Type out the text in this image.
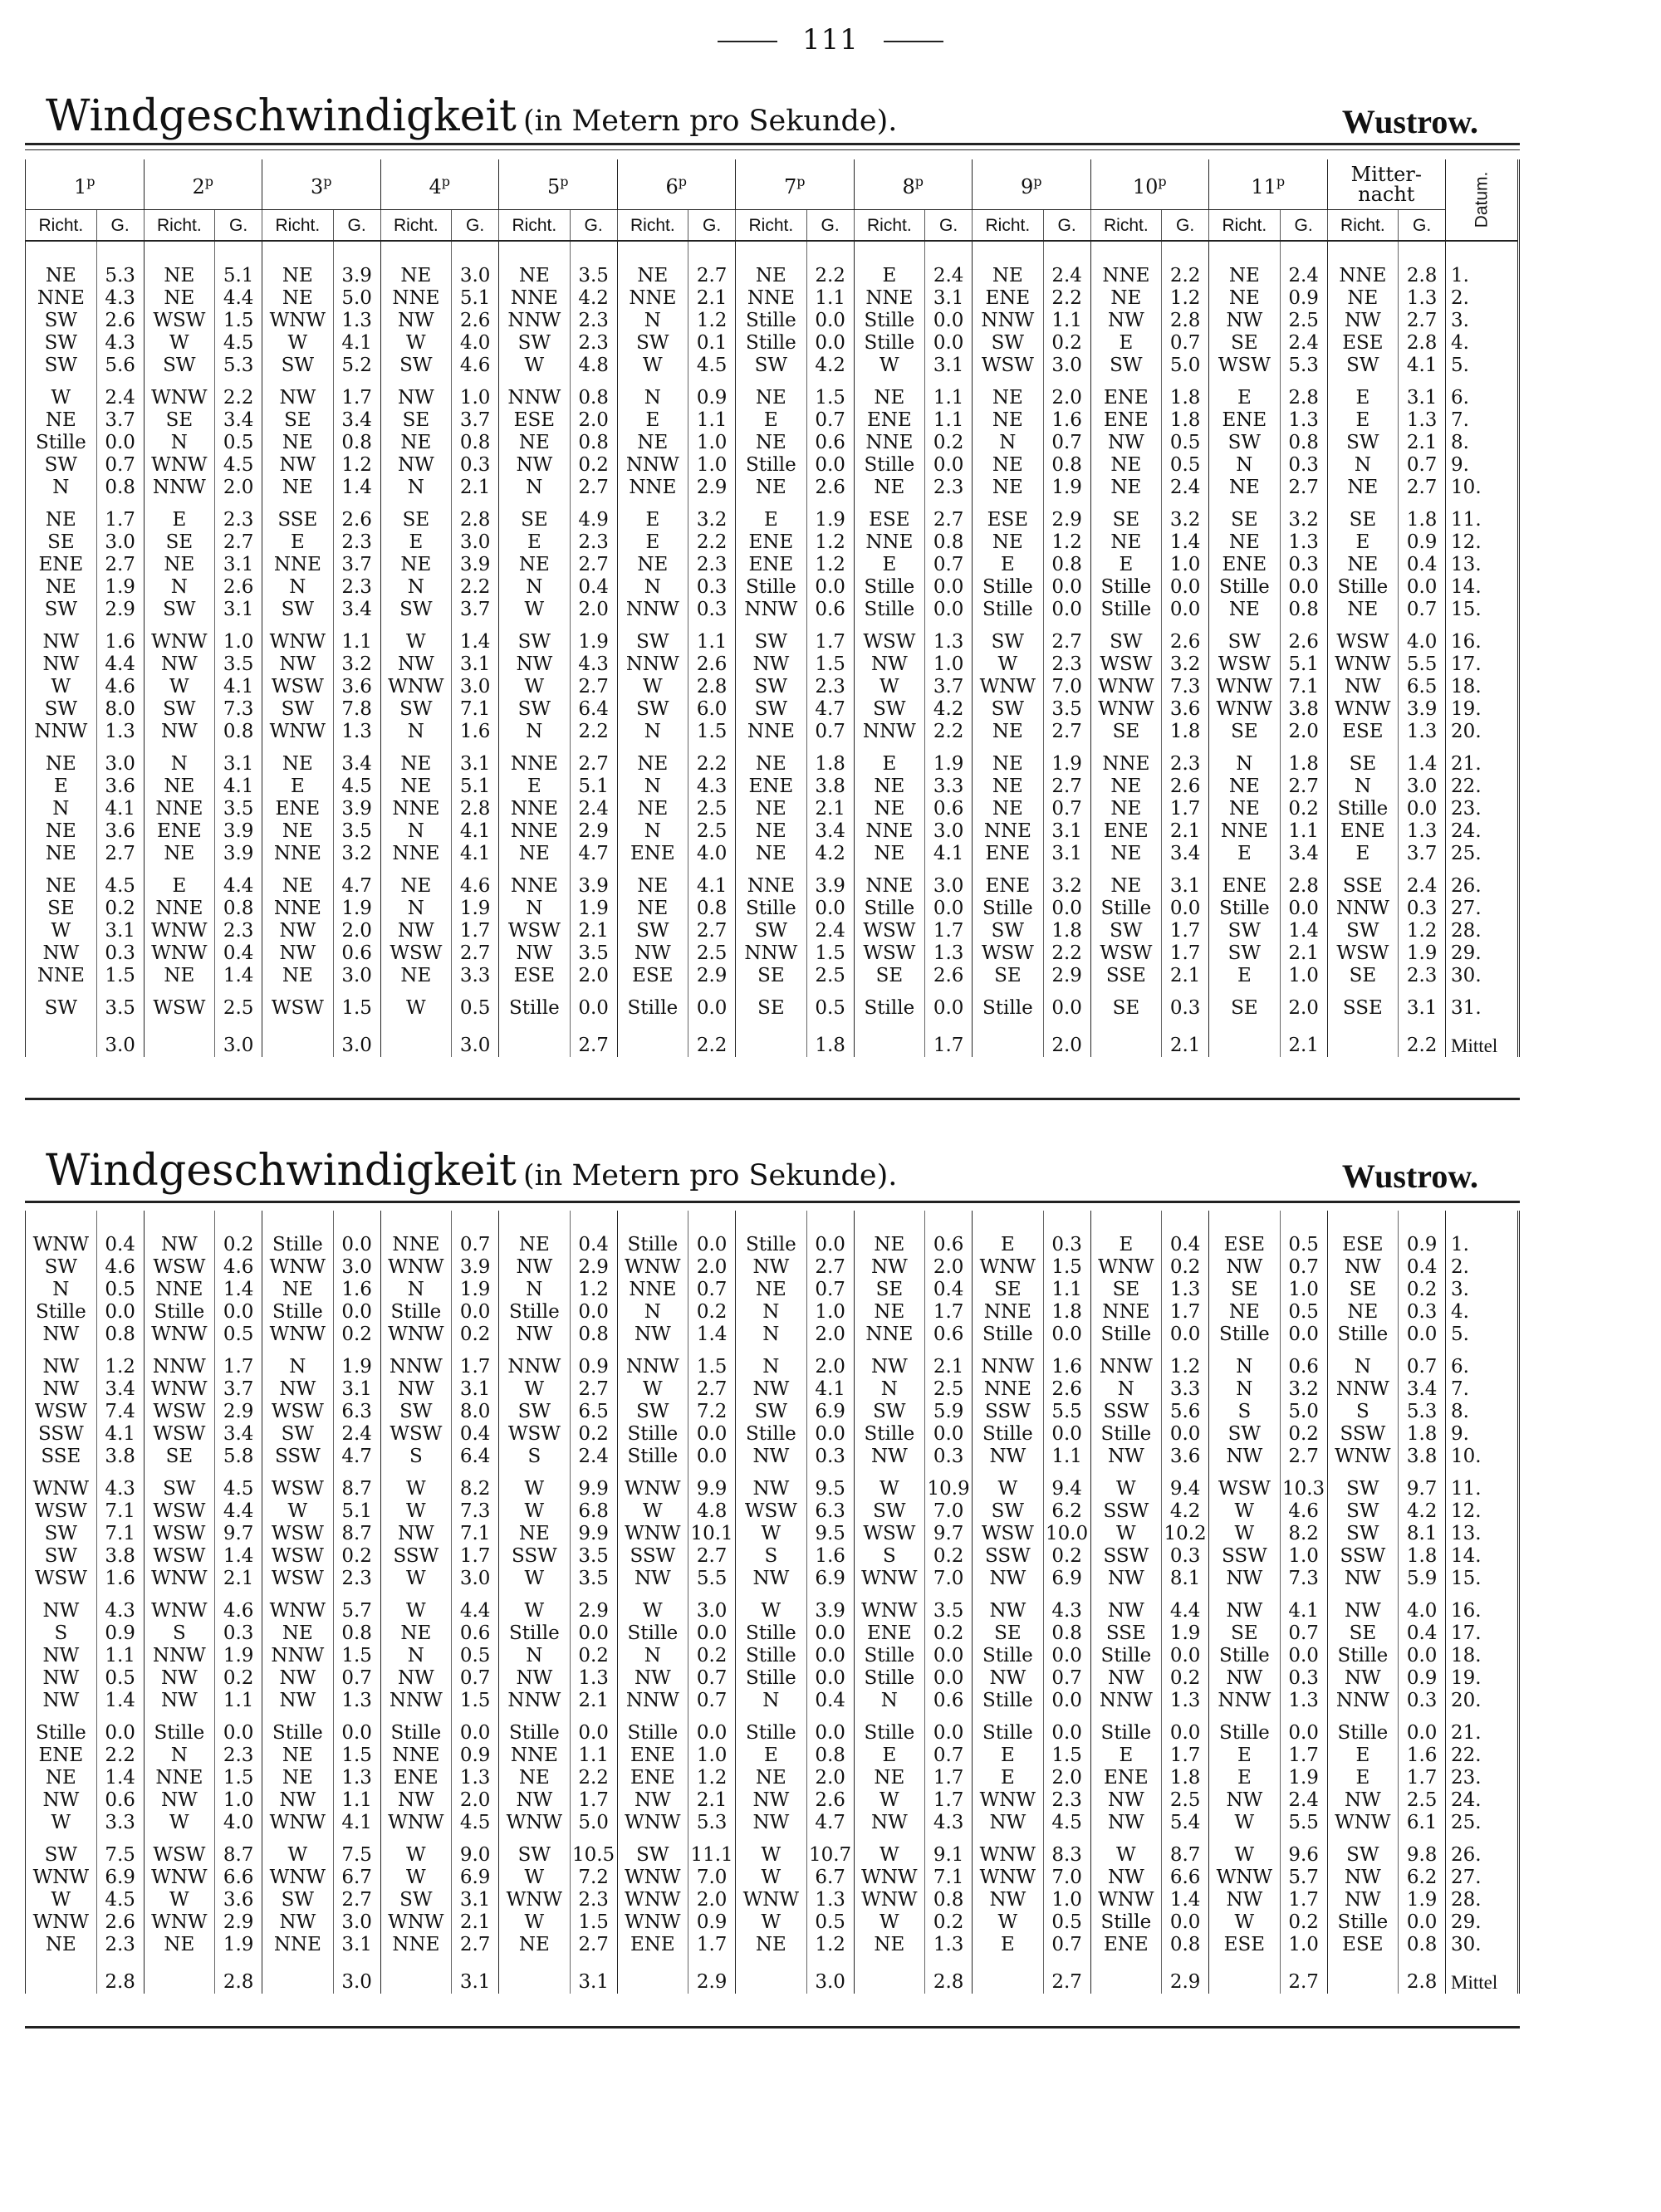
111
Windgeschwindigkeit (in Metern pro Sekunde).	Wustrow.
1$^p$		2$^p$		3$^p$		4$^p$		5$^p$		6$^p$		7$^p$		8$^p$		9$^p$		10$^p$		11$^p$		Mitter-nacht		Datum.
Richt.	G.	Richt.	G.	Richt.	G.	Richt.	G.	Richt.	G.	Richt.	G.	Richt.	G.	Richt.	G.	Richt.	G.	Richt.	G.	Richt.	G.	Richt.	G.	
NE	5.3	NE	5.1	NE	3.9	NE	3.0	NE	3.5	NE	2.7	NE	2.2	E	2.4	NE	2.4	NNE	2.2	NE	2.4	NNE	2.8	1.
NNE	4.3	NE	4.4	NE	5.0	NNE	5.1	NNE	4.2	NNE	2.1	NNE	1.1	NNE	3.1	ENE	2.2	NE	1.2	NE	0.9	NE	1.3	2.
SW	2.6	WSW	1.5	WNW	1.3	NW	2.6	NNW	2.3	N	1.2	Stille	0.0	Stille	0.0	NNW	1.1	NW	2.8	NW	2.5	NW	2.7	3.
SW	4.3	W	4.5	W	4.1	W	4.0	SW	2.3	SW	0.1	Stille	0.0	Stille	0.0	SW	0.2	E	0.7	SE	2.4	ESE	2.8	4.
SW	5.6	SW	5.3	SW	5.2	SW	4.6	W	4.8	W	4.5	SW	4.2	W	3.1	WSW	3.0	SW	5.0	WSW	5.3	SW	4.1	5.
W	2.4	WNW	2.2	NW	1.7	NW	1.0	NNW	0.8	N	0.9	NE	1.5	NE	1.1	NE	2.0	ENE	1.8	E	2.8	E	3.1	6.
NE	3.7	SE	3.4	SE	3.4	SE	3.7	ESE	2.0	E	1.1	E	0.7	ENE	1.1	NE	1.6	ENE	1.8	ENE	1.3	E	1.3	7.
Stille	0.0	N	0.5	NE	0.8	NE	0.8	NE	0.8	NE	1.0	NE	0.6	NNE	0.2	N	0.7	NW	0.5	SW	0.8	SW	2.1	8.
SW	0.7	WNW	4.5	NW	1.2	NW	0.3	NW	0.2	NNW	1.0	Stille	0.0	Stille	0.0	NE	0.8	NE	0.5	N	0.3	N	0.7	9.
N	0.8	NNW	2.0	NE	1.4	N	2.1	N	2.7	NNE	2.9	NE	2.6	NE	2.3	NE	1.9	NE	2.4	NE	2.7	NE	2.7	10.
NE	1.7	E	2.3	SSE	2.6	SE	2.8	SE	4.9	E	3.2	E	1.9	ESE	2.7	ESE	2.9	SE	3.2	SE	3.2	SE	1.8	11.
SE	3.0	SE	2.7	E	2.3	E	3.0	E	2.3	E	2.2	ENE	1.2	NNE	0.8	NE	1.2	NE	1.4	NE	1.3	E	0.9	12.
ENE	2.7	NE	3.1	NNE	3.7	NE	3.9	NE	2.7	NE	2.3	ENE	1.2	E	0.7	E	0.8	E	1.0	ENE	0.3	NE	0.4	13.
NE	1.9	N	2.6	N	2.3	N	2.2	N	0.4	N	0.3	Stille	0.0	Stille	0.0	Stille	0.0	Stille	0.0	Stille	0.0	Stille	0.0	14.
SW	2.9	SW	3.1	SW	3.4	SW	3.7	W	2.0	NNW	0.3	NNW	0.6	Stille	0.0	Stille	0.0	Stille	0.0	NE	0.8	NE	0.7	15.
NW	1.6	WNW	1.0	WNW	1.1	W	1.4	SW	1.9	SW	1.1	SW	1.7	WSW	1.3	SW	2.7	SW	2.6	SW	2.6	WSW	4.0	16.
NW	4.4	NW	3.5	NW	3.2	NW	3.1	NW	4.3	NNW	2.6	NW	1.5	NW	1.0	W	2.3	WSW	3.2	WSW	5.1	WNW	5.5	17.
W	4.6	W	4.1	WSW	3.6	WNW	3.0	W	2.7	W	2.8	SW	2.3	W	3.7	WNW	7.0	WNW	7.3	WNW	7.1	NW	6.5	18.
SW	8.0	SW	7.3	SW	7.8	SW	7.1	SW	6.4	SW	6.0	SW	4.7	SW	4.2	SW	3.5	WNW	3.6	WNW	3.8	WNW	3.9	19.
NNW	1.3	NW	0.8	WNW	1.3	N	1.6	N	2.2	N	1.5	NNE	0.7	NNW	2.2	NE	2.7	SE	1.8	SE	2.0	ESE	1.3	20.
NE	3.0	N	3.1	NE	3.4	NE	3.1	NNE	2.7	NE	2.2	NE	1.8	E	1.9	NE	1.9	NNE	2.3	N	1.8	SE	1.4	21.
E	3.6	NE	4.1	E	4.5	NE	5.1	E	5.1	N	4.3	ENE	3.8	NE	3.3	NE	2.7	NE	2.6	NE	2.7	N	3.0	22.
N	4.1	NNE	3.5	ENE	3.9	NNE	2.8	NNE	2.4	NE	2.5	NE	2.1	NE	0.6	NE	0.7	NE	1.7	NE	0.2	Stille	0.0	23.
NE	3.6	ENE	3.9	NE	3.5	N	4.1	NNE	2.9	N	2.5	NE	3.4	NNE	3.0	NNE	3.1	ENE	2.1	NNE	1.1	ENE	1.3	24.
NE	2.7	NE	3.9	NNE	3.2	NNE	4.1	NE	4.7	ENE	4.0	NE	4.2	NE	4.1	ENE	3.1	NE	3.4	E	3.4	E	3.7	25.
NE	4.5	E	4.4	NE	4.7	NE	4.6	NNE	3.9	NE	4.1	NNE	3.9	NNE	3.0	ENE	3.2	NE	3.1	ENE	2.8	SSE	2.4	26.
SE	0.2	NNE	0.8	NNE	1.9	N	1.9	N	1.9	NE	0.8	Stille	0.0	Stille	0.0	Stille	0.0	Stille	0.0	Stille	0.0	NNW	0.3	27.
W	3.1	WNW	2.3	NW	2.0	NW	1.7	WSW	2.1	SW	2.7	SW	2.4	WSW	1.7	SW	1.8	SW	1.7	SW	1.4	SW	1.2	28.
NW	0.3	WNW	0.4	NW	0.6	WSW	2.7	NW	3.5	NW	2.5	NNW	1.5	WSW	1.3	WSW	2.2	WSW	1.7	SW	2.1	WSW	1.9	29.
NNE	1.5	NE	1.4	NE	3.0	NE	3.3	ESE	2.0	ESE	2.9	SE	2.5	SE	2.6	SE	2.9	SSE	2.1	E	1.0	SE	2.3	30.
SW	3.5	WSW	2.5	WSW	1.5	W	0.5	Stille	0.0	Stille	0.0	SE	0.5	Stille	0.0	Stille	0.0	SE	0.3	SE	2.0	SSE	3.1	31.
	3.0		3.0		3.0		3.0		2.7		2.2		1.8		1.7		2.0		2.1		2.1		2.2	Mittel
Windgeschwindigkeit (in Metern pro Sekunde).	Wustrow.
WNW	0.4	NW	0.2	Stille	0.0	NNE	0.7	NE	0.4	Stille	0.0	Stille	0.0	NE	0.6	E	0.3	E	0.4	ESE	0.5	ESE	0.9	1.
SW	4.6	WSW	4.6	WNW	3.0	WNW	3.9	NW	2.9	WNW	2.0	NW	2.7	NW	2.0	WNW	1.5	WNW	0.2	NW	0.7	NW	0.4	2.
N	0.5	NNE	1.4	NE	1.6	N	1.9	N	1.2	NNE	0.7	NE	0.7	SE	0.4	SE	1.1	SE	1.3	SE	1.0	SE	0.2	3.
Stille	0.0	Stille	0.0	Stille	0.0	Stille	0.0	Stille	0.0	N	0.2	N	1.0	NE	1.7	NNE	1.8	NNE	1.7	NE	0.5	NE	0.3	4.
NW	0.8	WNW	0.5	WNW	0.2	WNW	0.2	NW	0.8	NW	1.4	N	2.0	NNE	0.6	Stille	0.0	Stille	0.0	Stille	0.0	Stille	0.0	5.
NW	1.2	NNW	1.7	N	1.9	NNW	1.7	NNW	0.9	NNW	1.5	N	2.0	NW	2.1	NNW	1.6	NNW	1.2	N	0.6	N	0.7	6.
NW	3.4	WNW	3.7	NW	3.1	NW	3.1	W	2.7	W	2.7	NW	4.1	N	2.5	NNE	2.6	N	3.3	N	3.2	NNW	3.4	7.
WSW	7.4	WSW	2.9	WSW	6.3	SW	8.0	SW	6.5	SW	7.2	SW	6.9	SW	5.9	SSW	5.5	SSW	5.6	S	5.0	S	5.3	8.
SSW	4.1	WSW	3.4	SW	2.4	WSW	0.4	WSW	0.2	Stille	0.0	Stille	0.0	Stille	0.0	Stille	0.0	Stille	0.0	SW	0.2	SSW	1.8	9.
SSE	3.8	SE	5.8	SSW	4.7	S	6.4	S	2.4	Stille	0.0	NW	0.3	NW	0.3	NW	1.1	NW	3.6	NW	2.7	WNW	3.8	10.
WNW	4.3	SW	4.5	WSW	8.7	W	8.2	W	9.9	WNW	9.9	NW	9.5	W	10.9	W	9.4	W	9.4	WSW	10.3	SW	9.7	11.
WSW	7.1	WSW	4.4	W	5.1	W	7.3	W	6.8	W	4.8	WSW	6.3	SW	7.0	SW	6.2	SSW	4.2	W	4.6	SW	4.2	12.
SW	7.1	WSW	9.7	WSW	8.7	NW	7.1	NE	9.9	WNW	10.1	W	9.5	WSW	9.7	WSW	10.0	W	10.2	W	8.2	SW	8.1	13.
SW	3.8	WSW	1.4	WSW	0.2	SSW	1.7	SSW	3.5	SSW	2.7	S	1.6	S	0.2	SSW	0.2	SSW	0.3	SSW	1.0	SSW	1.8	14.
WSW	1.6	WNW	2.1	WSW	2.3	W	3.0	W	3.5	NW	5.5	NW	6.9	WNW	7.0	NW	6.9	NW	8.1	NW	7.3	NW	5.9	15.
NW	4.3	WNW	4.6	WNW	5.7	W	4.4	W	2.9	W	3.0	W	3.9	WNW	3.5	NW	4.3	NW	4.4	NW	4.1	NW	4.0	16.
S	0.9	S	0.3	NE	0.8	NE	0.6	Stille	0.0	Stille	0.0	Stille	0.0	ENE	0.2	SE	0.8	SSE	1.9	SE	0.7	SE	0.4	17.
NW	1.1	NNW	1.9	NNW	1.5	N	0.5	N	0.2	N	0.2	Stille	0.0	Stille	0.0	Stille	0.0	Stille	0.0	Stille	0.0	Stille	0.0	18.
NW	0.5	NW	0.2	NW	0.7	NW	0.7	NW	1.3	NW	0.7	Stille	0.0	Stille	0.0	NW	0.7	NW	0.2	NW	0.3	NW	0.9	19.
NW	1.4	NW	1.1	NW	1.3	NNW	1.5	NNW	2.1	NNW	0.7	N	0.4	N	0.6	Stille	0.0	NNW	1.3	NNW	1.3	NNW	0.3	20.
Stille	0.0	Stille	0.0	Stille	0.0	Stille	0.0	Stille	0.0	Stille	0.0	Stille	0.0	Stille	0.0	Stille	0.0	Stille	0.0	Stille	0.0	Stille	0.0	21.
ENE	2.2	N	2.3	NE	1.5	NNE	0.9	NNE	1.1	ENE	1.0	E	0.8	E	0.7	E	1.5	E	1.7	E	1.7	E	1.6	22.
NE	1.4	NNE	1.5	NE	1.3	ENE	1.3	NE	2.2	ENE	1.2	NE	2.0	NE	1.7	E	2.0	ENE	1.8	E	1.9	E	1.7	23.
NW	0.6	NW	1.0	NW	1.1	NW	2.0	NW	1.7	NW	2.1	NW	2.6	W	1.7	WNW	2.3	NW	2.5	NW	2.4	NW	2.5	24.
W	3.3	W	4.0	WNW	4.1	WNW	4.5	WNW	5.0	WNW	5.3	NW	4.7	NW	4.3	NW	4.5	NW	5.4	W	5.5	WNW	6.1	25.
SW	7.5	WSW	8.7	W	7.5	W	9.0	SW	10.5	SW	11.1	W	10.7	W	9.1	WNW	8.3	W	8.7	W	9.6	SW	9.8	26.
WNW	6.9	WNW	6.6	WNW	6.7	W	6.9	W	7.2	WNW	7.0	W	6.7	WNW	7.1	WNW	7.0	NW	6.6	WNW	5.7	NW	6.2	27.
W	4.5	W	3.6	SW	2.7	SW	3.1	WNW	2.3	WNW	2.0	WNW	1.3	WNW	0.8	NW	1.0	WNW	1.4	NW	1.7	NW	1.9	28.
WNW	2.6	WNW	2.9	NW	3.0	WNW	2.1	W	1.5	WNW	0.9	W	0.5	W	0.2	W	0.5	Stille	0.0	W	0.2	Stille	0.0	29.
NE	2.3	NE	1.9	NNE	3.1	NNE	2.7	NE	2.7	ENE	1.7	NE	1.2	NE	1.3	E	0.7	ENE	0.8	ESE	1.0	ESE	0.8	30.
	2.8		2.8		3.0		3.1		3.1		2.9		3.0		2.8		2.7		2.9		2.7		2.8	Mittel
